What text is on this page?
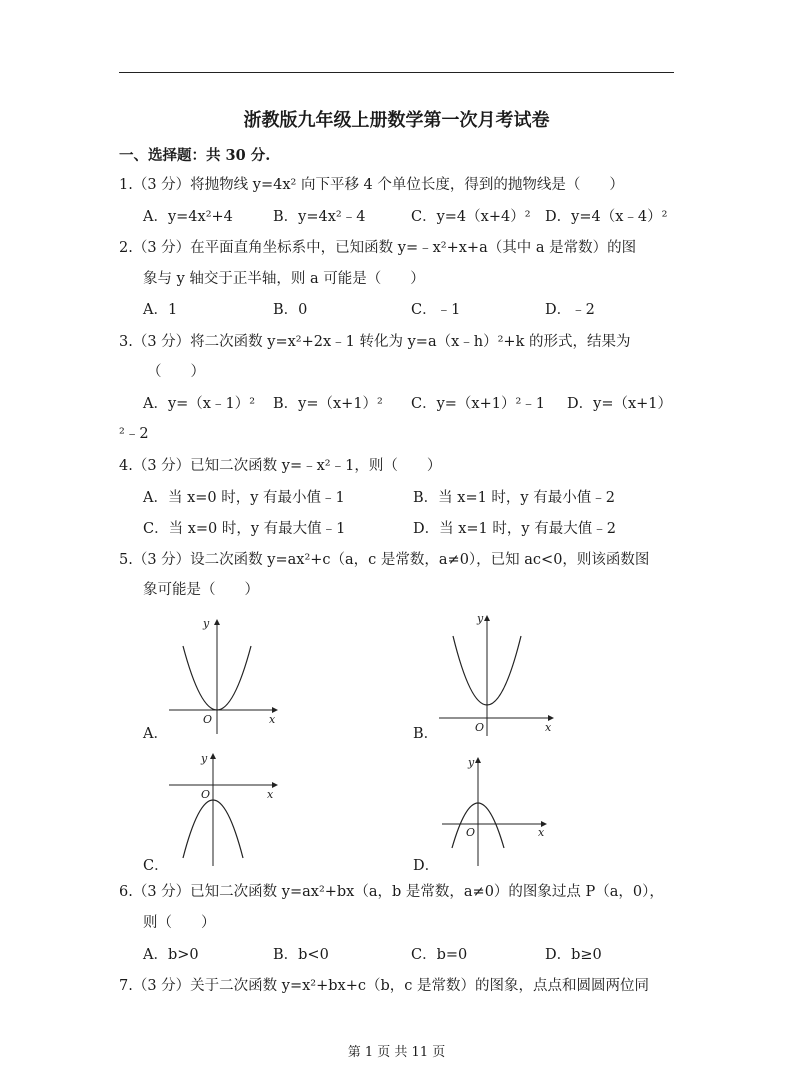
浙教版九年级上册数学第一次月考试卷
一、选择题：共 30 分.
1.（3 分）将抛物线 y=4x² 向下平移 4 个单位长度，得到的抛物线是（　　）
A．y=4x²+4	B．y=4x²﹣4	C．y=4（x+4）² D．y=4（x﹣4）²
2.（3 分）在平面直角坐标系中，已知函数 y=﹣x²+x+a（其中 a 是常数）的图
象与 y 轴交于正半轴，则 a 可能是（　　）
A．1	B．0	C．﹣1	D．﹣2
3.（3 分）将二次函数 y=x²+2x﹣1 转化为 y=a（x﹣h）²+k 的形式，结果为
（　　）
A．y=（x﹣1）² B．y=（x+1）² C．y=（x+1）²﹣1 D．y=（x+1）
²﹣2
4.（3 分）已知二次函数 y=﹣x²﹣1，则（　　）
A．当 x=0 时，y 有最小值﹣1	B．当 x=1 时，y 有最小值﹣2
C．当 x=0 时，y 有最大值﹣1	D．当 x=1 时，y 有最大值﹣2
5.（3 分）设二次函数 y=ax²+c（a，c 是常数，a≠0），已知 ac<0，则该函数图
象可能是（　　）
y
x
O
A．
y
x
O
B．
y
x
O
C．
y
x
O
D．
6.（3 分）已知二次函数 y=ax²+bx（a，b 是常数，a≠0）的图象过点 P（a，0），
则（　　）
A．b>0	B．b<0	C．b=0	D．b≥0
7.（3 分）关于二次函数 y=x²+bx+c（b，c 是常数）的图象，点点和圆圆两位同
第 1 页 共 11 页
